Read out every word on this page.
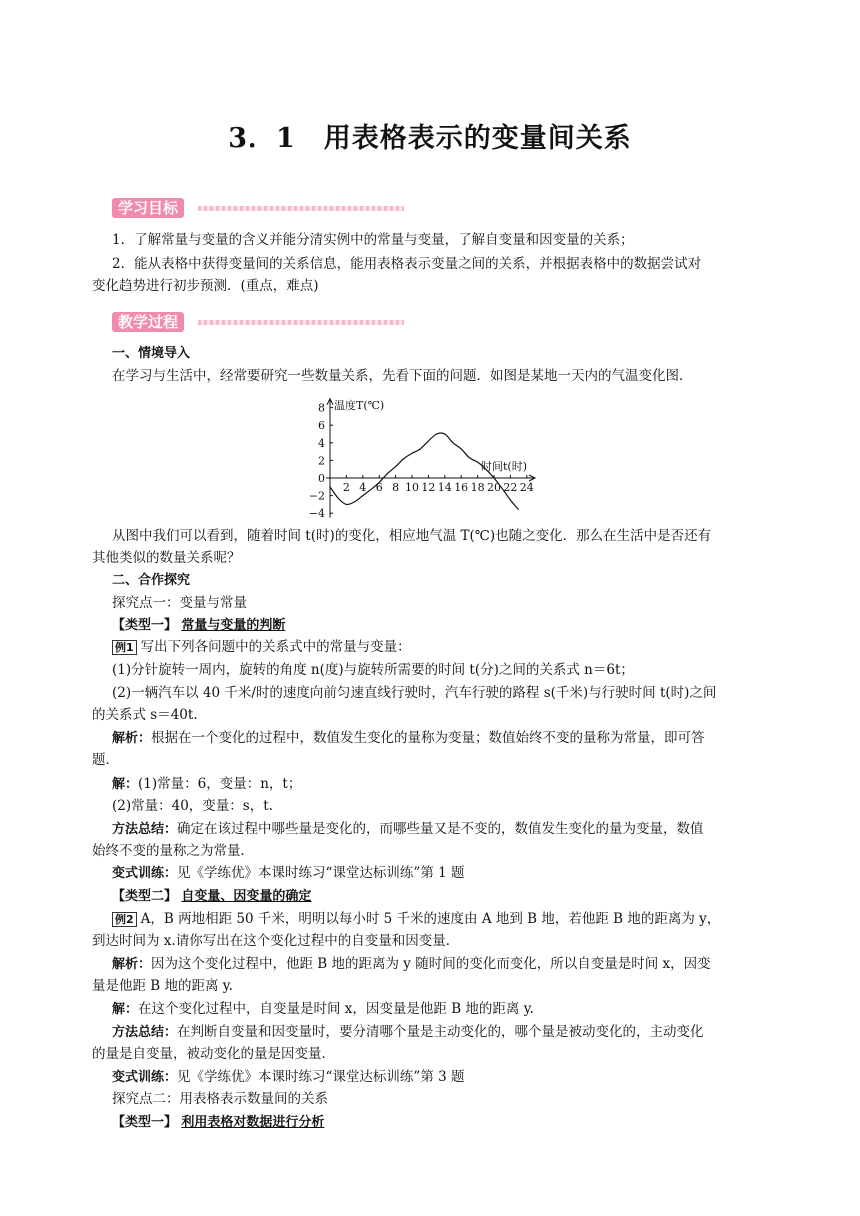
3．1　用表格表示的变量间关系
学习目标
1．了解常量与变量的含义并能分清实例中的常量与变量，了解自变量和因变量的关系；
2．能从表格中获得变量间的关系信息，能用表格表示变量之间的关系，并根据表格中的数据尝试对
变化趋势进行初步预测．(重点，难点)
教学过程
一、情境导入
在学习与生活中，经常要研究一些数量关系，先看下面的问题．如图是某地一天内的气温变化图．
8
6
4
2
0
−2
−4
2 4 6 8 10 12 14 16 18 20 22 24
温度T(℃)
时间t(时)
从图中我们可以看到，随着时间 t(时)的变化，相应地气温 T(℃)也随之变化．那么在生活中是否还有
其他类似的数量关系呢？
二、合作探究
探究点一：变量与常量
【类型一】 常量与变量的判断
例1 写出下列各问题中的关系式中的常量与变量：
(1)分针旋转一周内，旋转的角度 n(度)与旋转所需要的时间 t(分)之间的关系式 n＝6t；
(2)一辆汽车以 40 千米/时的速度向前匀速直线行驶时，汽车行驶的路程 s(千米)与行驶时间 t(时)之间
的关系式 s＝40t.
解析：根据在一个变化的过程中，数值发生变化的量称为变量；数值始终不变的量称为常量，即可答
题．
解：(1)常量：6，变量：n，t；
(2)常量：40，变量：s，t.
方法总结：确定在该过程中哪些量是变化的，而哪些量又是不变的，数值发生变化的量为变量，数值
始终不变的量称之为常量．
变式训练：见《学练优》本课时练习“课堂达标训练”第 1 题
【类型二】 自变量、因变量的确定
例2 A，B 两地相距 50 千米，明明以每小时 5 千米的速度由 A 地到 B 地，若他距 B 地的距离为 y，
到达时间为 x.请你写出在这个变化过程中的自变量和因变量．
解析：因为这个变化过程中，他距 B 地的距离为 y 随时间的变化而变化，所以自变量是时间 x，因变
量是他距 B 地的距离 y.
解：在这个变化过程中，自变量是时间 x，因变量是他距 B 地的距离 y.
方法总结：在判断自变量和因变量时，要分清哪个量是主动变化的，哪个量是被动变化的，主动变化
的量是自变量，被动变化的量是因变量．
变式训练：见《学练优》本课时练习“课堂达标训练”第 3 题
探究点二：用表格表示数量间的关系
【类型一】 利用表格对数据进行分析
